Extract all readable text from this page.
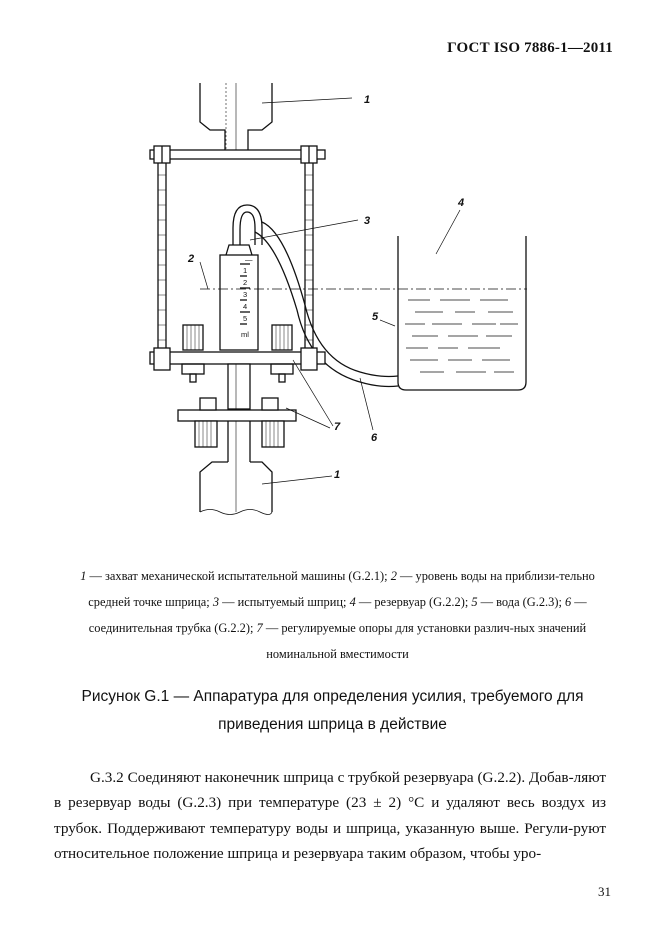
ГОСТ ISO 7886-1—2011
—
1
2
3
4
5
ml
1
2
3
4
5
6
7
1
1 — захват механической испытательной машины (G.2.1); 2 — уровень воды на приблизи-тельно средней точке шприца; 3 — испытуемый шприц; 4 — резервуар (G.2.2); 5 — вода (G.2.3); 6 — соединительная трубка (G.2.2); 7 — регулируемые опоры для установки различ-ных значений номинальной вместимости
Рисунок G.1 — Аппаратура для определения усилия, требуемого для
приведения шприца в действие
G.3.2 Соединяют наконечник шприца с трубкой резервуара (G.2.2). Добав-ляют в резервуар воды (G.2.3) при температуре (23 ± 2) °С и удаляют весь воздух из трубок. Поддерживают температуру воды и шприца, указанную выше. Регули-руют относительное положение шприца и резервуара таким образом, чтобы уро-
31
